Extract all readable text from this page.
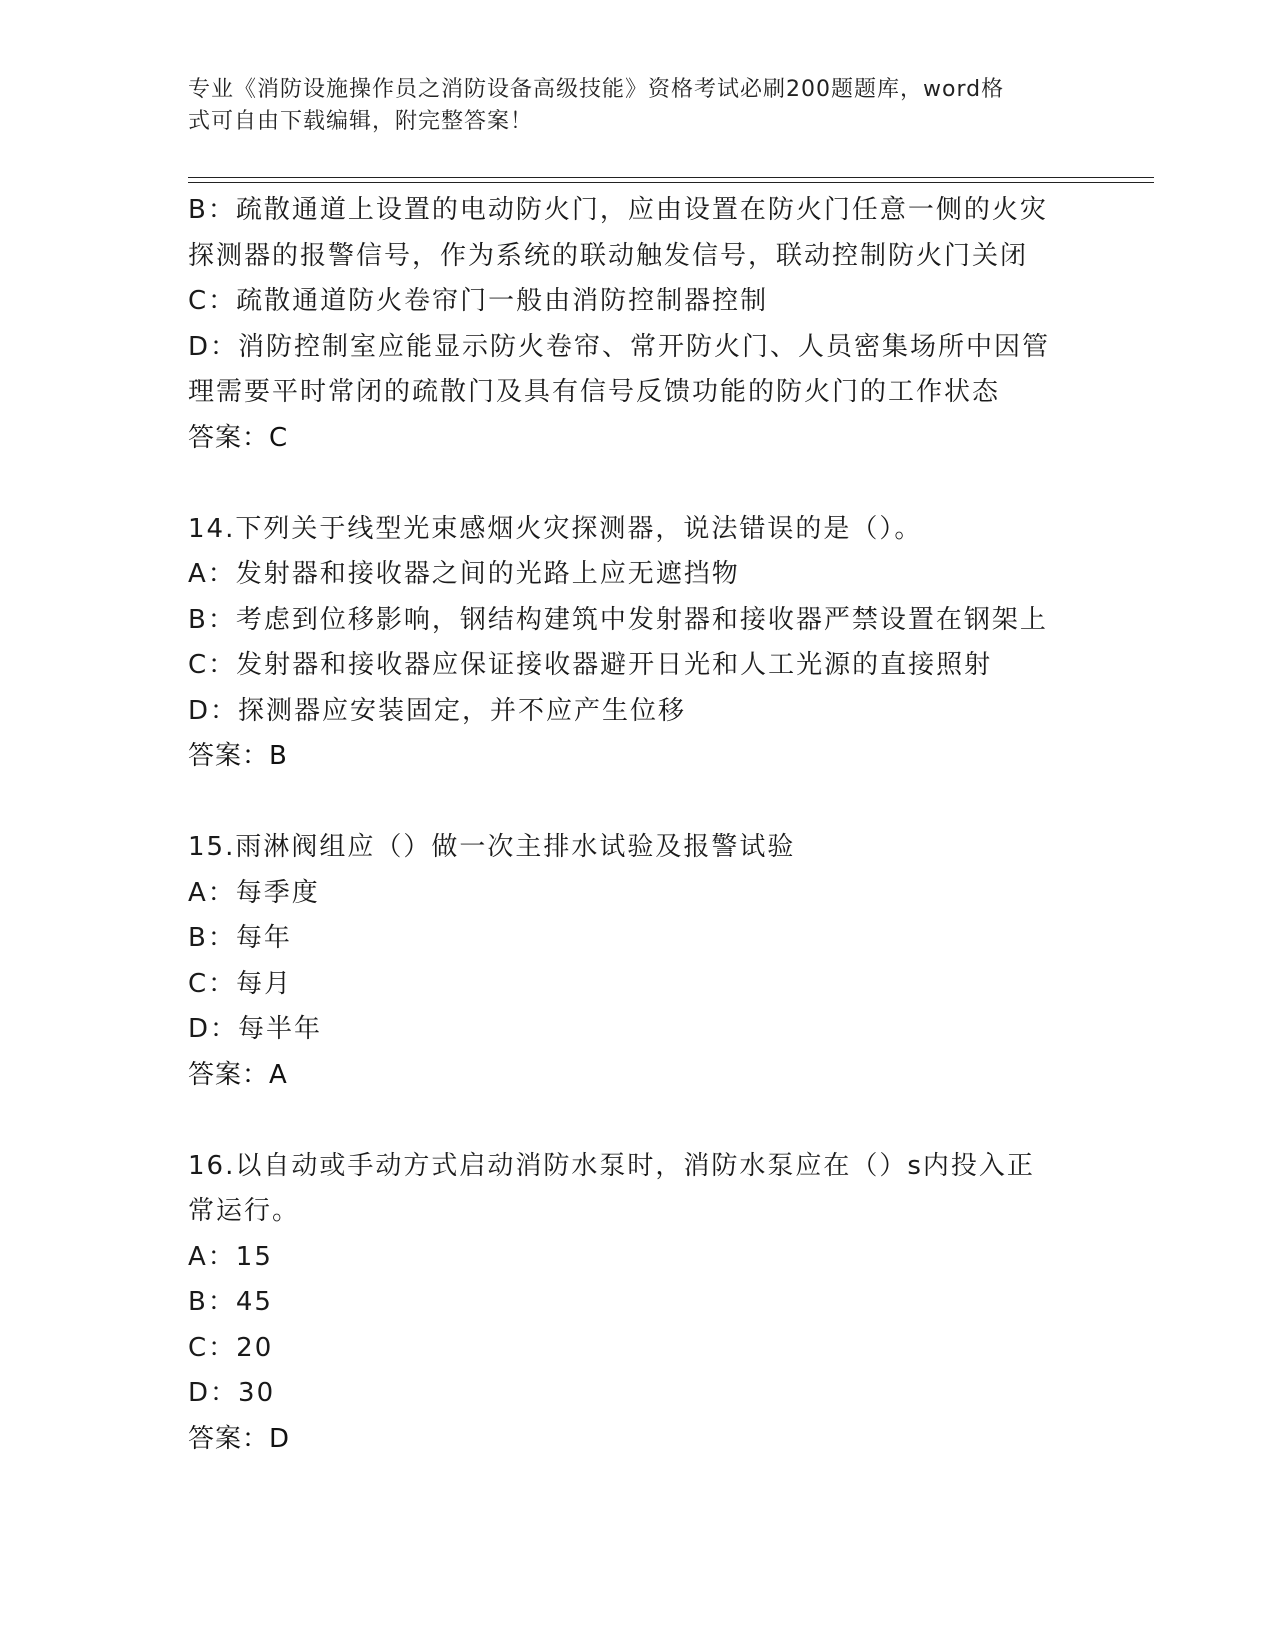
专业《消防设施操作员之消防设备高级技能》资格考试必刷200题题库，word格
式可自由下载编辑，附完整答案！
B：疏散通道上设置的电动防火门，应由设置在防火门任意一侧的火灾
探测器的报警信号，作为系统的联动触发信号，联动控制防火门关闭
C：疏散通道防火卷帘门一般由消防控制器控制
D：消防控制室应能显示防火卷帘、常开防火门、人员密集场所中因管
理需要平时常闭的疏散门及具有信号反馈功能的防火门的工作状态
答案：C
14.下列关于线型光束感烟火灾探测器，说法错误的是（）。
A：发射器和接收器之间的光路上应无遮挡物
B：考虑到位移影响，钢结构建筑中发射器和接收器严禁设置在钢架上
C：发射器和接收器应保证接收器避开日光和人工光源的直接照射
D：探测器应安装固定，并不应产生位移
答案：B
15.雨淋阀组应（）做一次主排水试验及报警试验
A：每季度
B：每年
C：每月
D：每半年
答案：A
16.以自动或手动方式启动消防水泵时，消防水泵应在（）s内投入正
常运行。
A：15
B：45
C：20
D：30
答案：D
